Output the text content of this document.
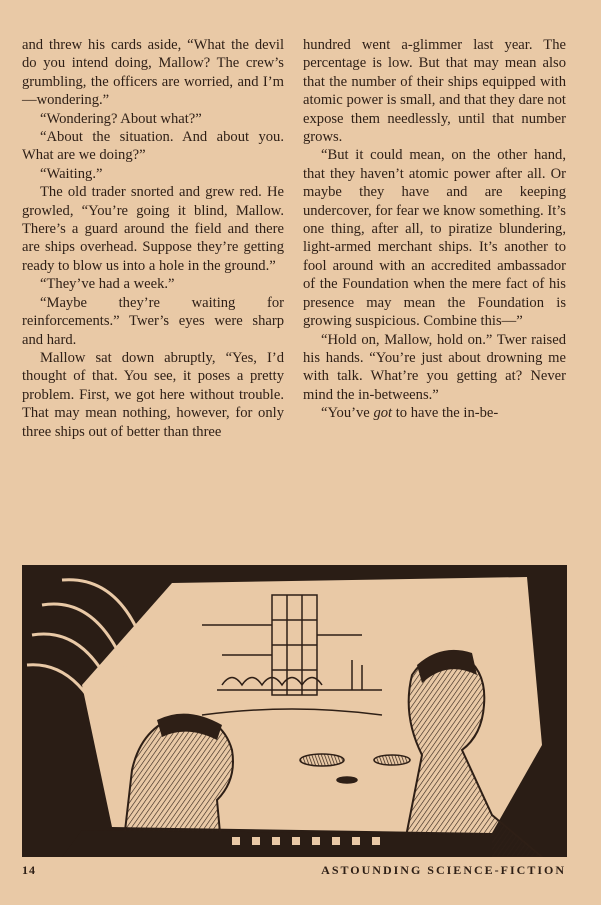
and threw his cards aside, “What the devil do you intend doing, Mallow? The crew’s grumbling, the officers are worried, and I’m—wondering.”

“Wondering? About what?”

“About the situation. And about you. What are we doing?”

“Waiting.”

The old trader snorted and grew red. He growled, “You’re going it blind, Mallow. There’s a guard around the field and there are ships overhead. Suppose they’re getting ready to blow us into a hole in the ground.”

“They’ve had a week.”

“Maybe they’re waiting for reinforcements.” Twer’s eyes were sharp and hard.

Mallow sat down abruptly, “Yes, I’d thought of that. You see, it poses a pretty problem. First, we got here without trouble. That may mean nothing, however, for only three ships out of better than three

hundred went a-glimmer last year. The percentage is low. But that may mean also that the number of their ships equipped with atomic power is small, and that they dare not expose them needlessly, until that number grows.

“But it could mean, on the other hand, that they haven’t atomic power after all. Or maybe they have and are keeping undercover, for fear we know something. It’s one thing, after all, to piratize blundering, light-armed merchant ships. It’s another to fool around with an accredited ambassador of the Foundation when the mere fact of his presence may mean the Foundation is growing suspicious. Combine this—”

“Hold on, Mallow, hold on.” Twer raised his hands. “You’re just about drowning me with talk. What’re you getting at? Never mind the in-betweens.”

“You’ve got to have the in-be-

14	ASTOUNDING SCIENCE-FICTION
